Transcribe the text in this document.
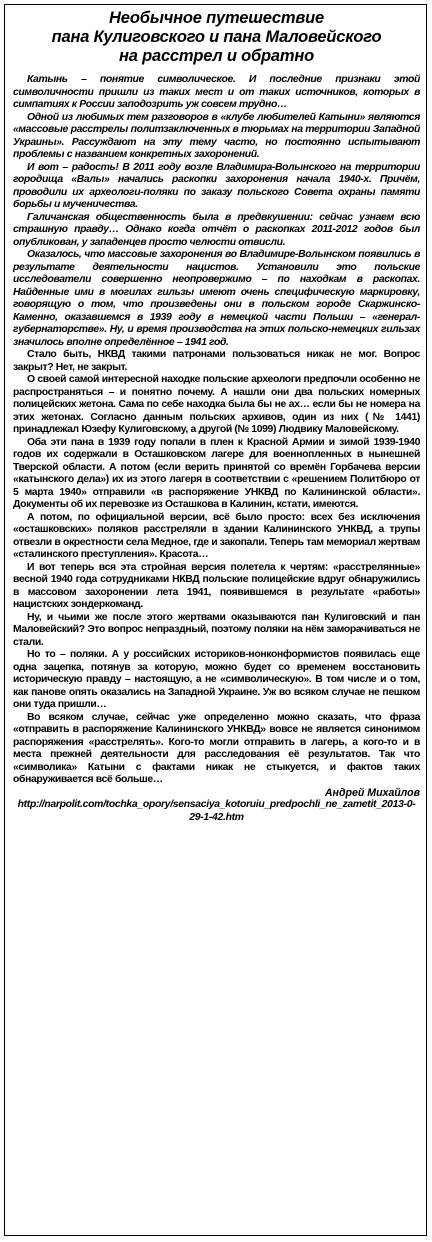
Необычное путешествие
пана Кулиговского и пана Маловейского
на расстрел и обратно

Катынь – понятие символическое. И последние признаки этой символичности пришли из таких мест и от таких источников, которых в симпатиях к России заподозрить уж совсем трудно…

Одной из любимых тем разговоров в «клубе любителей Катыни» являются «массовые расстрелы политзаключенных в тюрьмах на территории Западной Украины». Рассуждают на эту тему часто, но постоянно испытывают проблемы с названием конкретных захоронений.

И вот – радость! В 2011 году возле Владимира-Волынского на территории городища «Валы» начались раскопки захоронения начала 1940-х. Причём, проводили их археологи-поляки по заказу польского Совета охраны памяти борьбы и мученичества.

Галичанская общественность была в предвкушении: сейчас узнаем всю страшную правду… Однако когда отчёт о раскопках 2011-2012 годов был опубликован, у западенцев просто челюсти отвисли.

Оказалось, что массовые захоронения во Владимире-Волынском появились в результате деятельности нацистов. Установили это польские исследователи совершенно неопровержимо – по находкам в раскопах. Найденные ими в могилах гильзы имеют очень специфическую маркировку, говорящую о том, что произведены они в польском городе Скаржинско-Каменно, оказавшемся в 1939 году в немецкой части Польши – «генерал-губернаторстве». Ну, и время производства на этих польско-немецких гильзах значилось вполне определённое – 1941 год.

Стало быть, НКВД такими патронами пользоваться никак не мог. Вопрос закрыт? Нет, не закрыт.

О своей самой интересной находке польские археологи предпочли особенно не распространяться – и понятно почему. А нашли они два польских номерных полицейских жетона. Сама по себе находка была бы не ах… если бы не номера на этих жетонах. Согласно данным польских архивов, один из них (№ 1441) принадлежал Юзефу Кулиговскому, а другой (№ 1099) Людвику Маловейскому.

Оба эти пана в 1939 году попали в плен к Красной Армии и зимой 1939-1940 годов их содержали в Осташковском лагере для военнопленных в нынешней Тверской области. А потом (если верить принятой со времён Горбачева версии «катынского дела») их из этого лагеря в соответствии с «решением Политбюро от 5 марта 1940» отправили «в распоряжение УНКВД по Калининской области». Документы об их перевозке из Осташкова в Калинин, кстати, имеются.

А потом, по официальной версии, всё было просто: всех без исключения «осташковских» поляков расстреляли в здании Калининского УНКВД, а трупы отвезли в окрестности села Медное, где и закопали. Теперь там мемориал жертвам «сталинского преступления». Красота…

И вот теперь вся эта стройная версия полетела к чертям: «расстрелянные» весной 1940 года сотрудниками НКВД польские полицейские вдруг обнаружились в массовом захоронении лета 1941, появившемся в результате «работы» нацистских зондеркоманд.

Ну, и чьими же после этого жертвами оказываются пан Кулиговский и пан Маловейский? Это вопрос непраздный, поэтому поляки на нём заморачиваться не стали.

Но то – поляки. А у российских историков-нонконформистов появилась еще одна зацепка, потянув за которую, можно будет со временем восстановить историческую правду – настоящую, а не «символическую». В том числе и о том, как пановe опять оказались на Западной Украине. Уж во всяком случае не пешком они туда пришли…

Во всяком случае, сейчас уже определенно можно сказать, что фраза «отправить в распоряжение Калининского УНКВД» вовсе не является синонимом распоряжения «расстрелять». Кого-то могли отправить в лагерь, а кого-то и в места прежней деятельности для расследования её результатов. Так что «символика» Катыни с фактами никак не стыкуется, и фактов таких обнаруживается всё больше…

Андрей Михайлов

http://narpolit.com/tochka_opory/sensaciya_kotoruiu_predpochli_ne_zametit_2013-0-29-1-42.htm
